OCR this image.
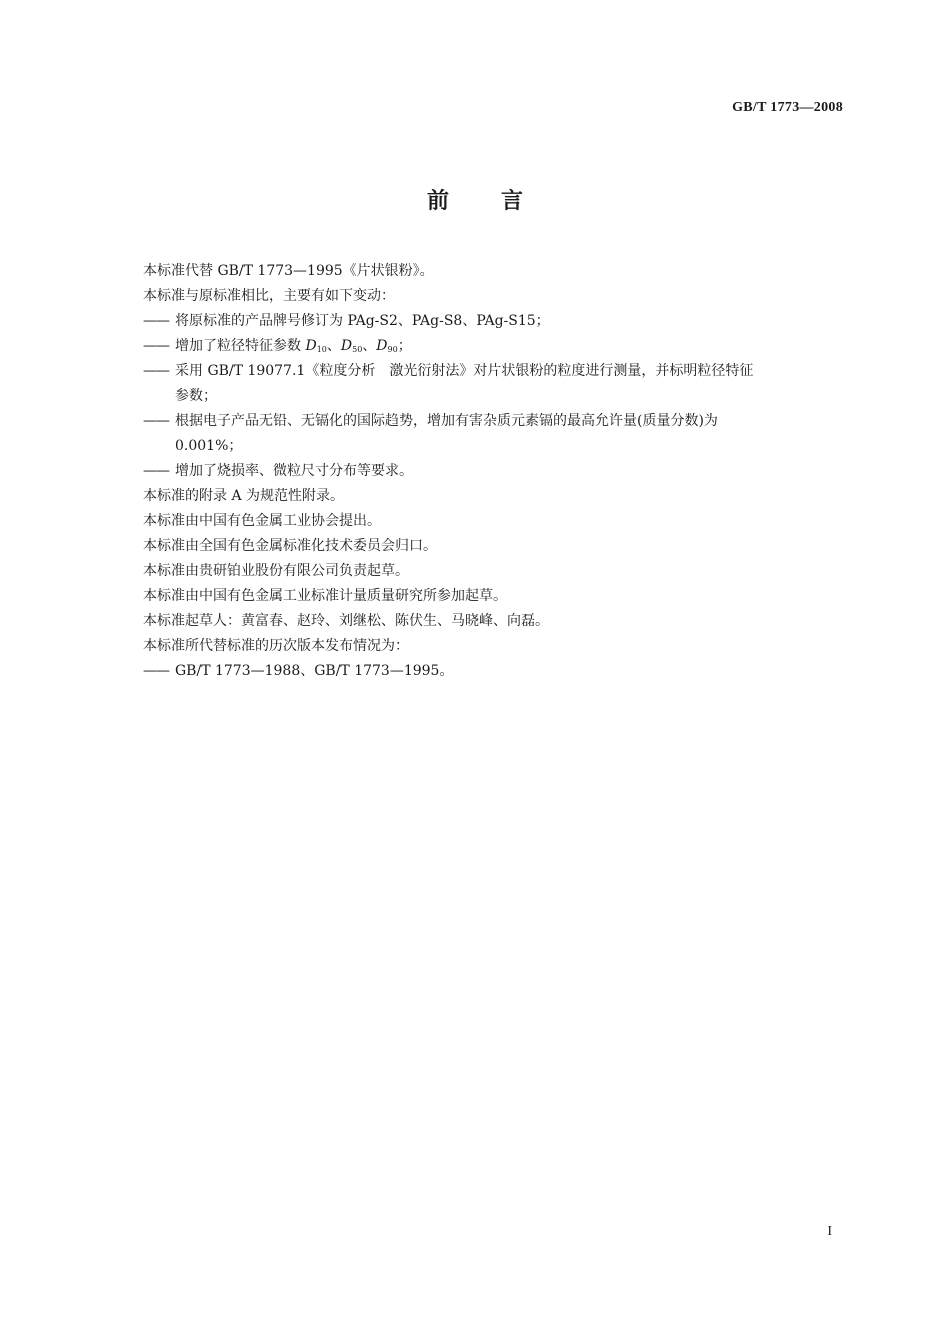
GB/T 1773—2008
前言
本标准代替 GB/T 1773—1995《片状银粉》。
本标准与原标准相比，主要有如下变动：
—— 将原标准的产品牌号修订为 PAg-S2、PAg-S8、PAg-S15；
—— 增加了粒径特征参数 $D_{10}$、$D_{50}$、$D_{90}$；
—— 采用 GB/T 19077.1《粒度分析　激光衍射法》对片状银粉的粒度进行测量，并标明粒径特征
参数；
—— 根据电子产品无铅、无镉化的国际趋势，增加有害杂质元素镉的最高允许量(质量分数)为
0.001%；
—— 增加了烧损率、微粒尺寸分布等要求。
本标准的附录 A 为规范性附录。
本标准由中国有色金属工业协会提出。
本标准由全国有色金属标准化技术委员会归口。
本标准由贵研铂业股份有限公司负责起草。
本标准由中国有色金属工业标准计量质量研究所参加起草。
本标准起草人：黄富春、赵玲、刘继松、陈伏生、马晓峰、向磊。
本标准所代替标准的历次版本发布情况为：
—— GB/T 1773—1988、GB/T 1773—1995。
I
